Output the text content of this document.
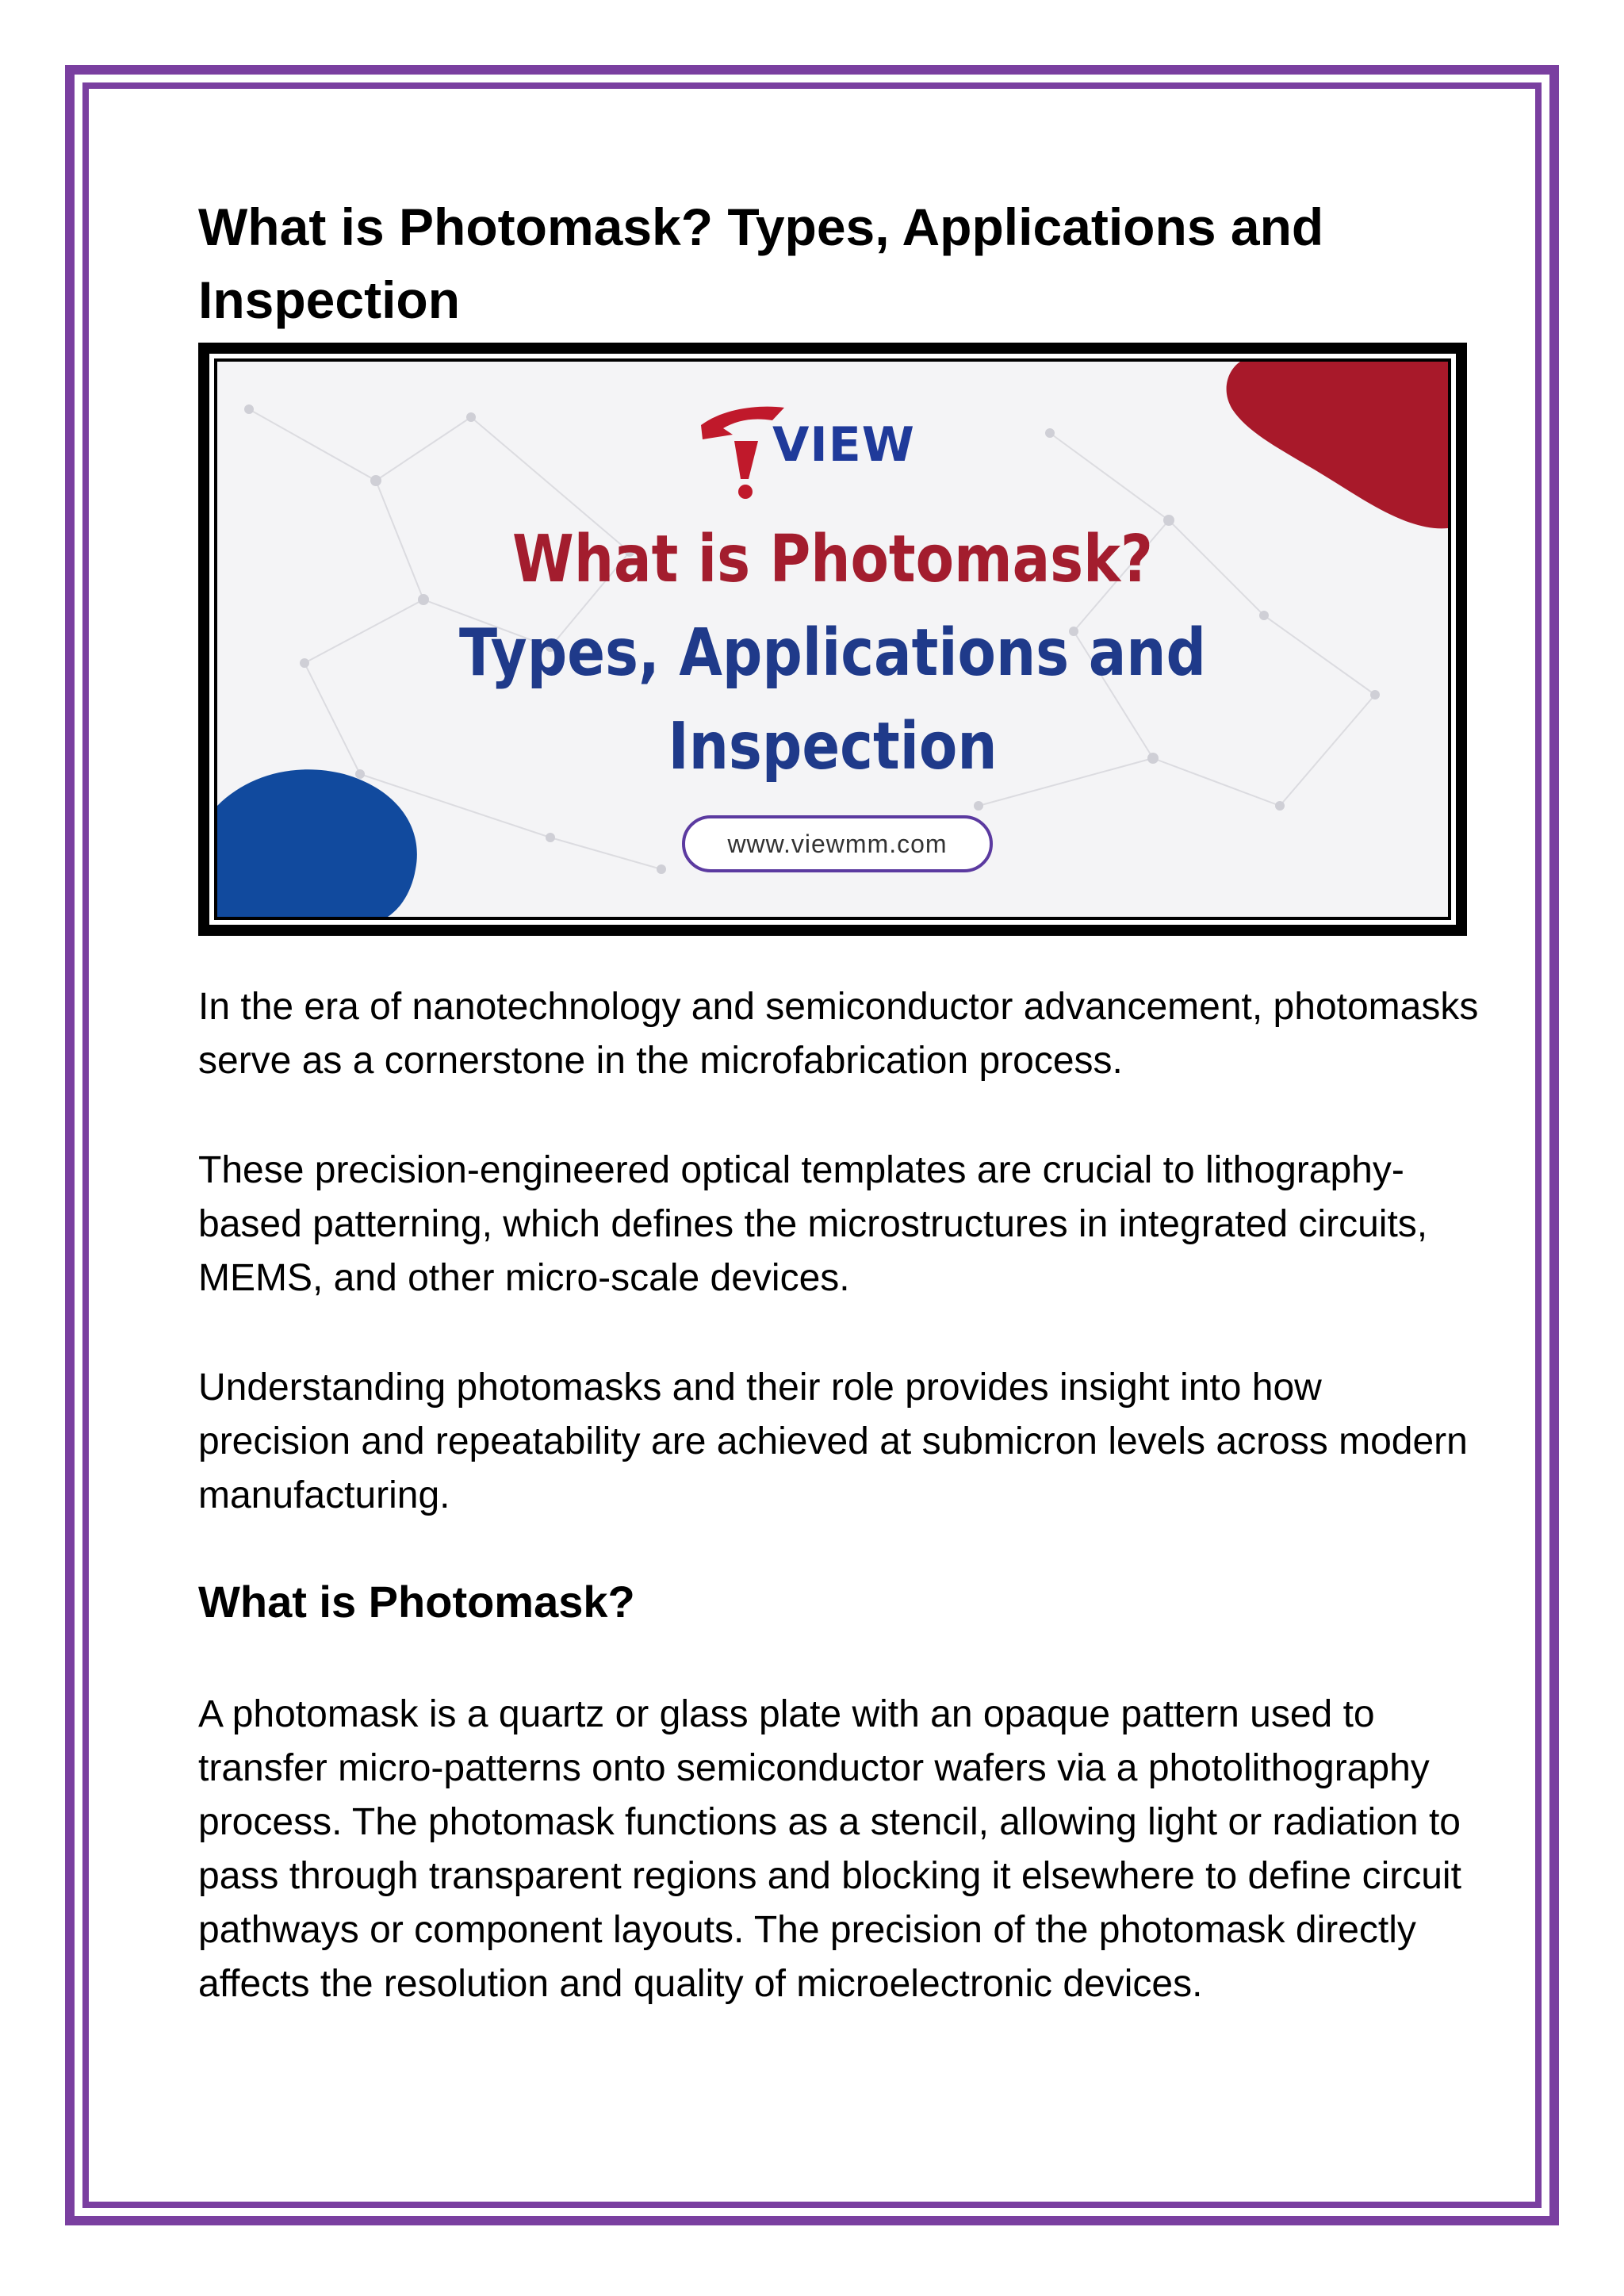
What is Photomask? Types, Applications and Inspection
VIEW
What is Photomask?
Types, Applications and
Inspection
www.viewmm.com

In the era of nanotechnology and semiconductor advancement, photomasks serve as a cornerstone in the microfabrication process.

These precision-engineered optical templates are crucial to lithography-based patterning, which defines the microstructures in integrated circuits, MEMS, and other micro-scale devices.

Understanding photomasks and their role provides insight into how precision and repeatability are achieved at submicron levels across modern manufacturing.

What is Photomask?

A photomask is a quartz or glass plate with an opaque pattern used to transfer micro-patterns onto semiconductor wafers via a photolithography process. The photomask functions as a stencil, allowing light or radiation to pass through transparent regions and blocking it elsewhere to define circuit pathways or component layouts. The precision of the photomask directly affects the resolution and quality of microelectronic devices.
